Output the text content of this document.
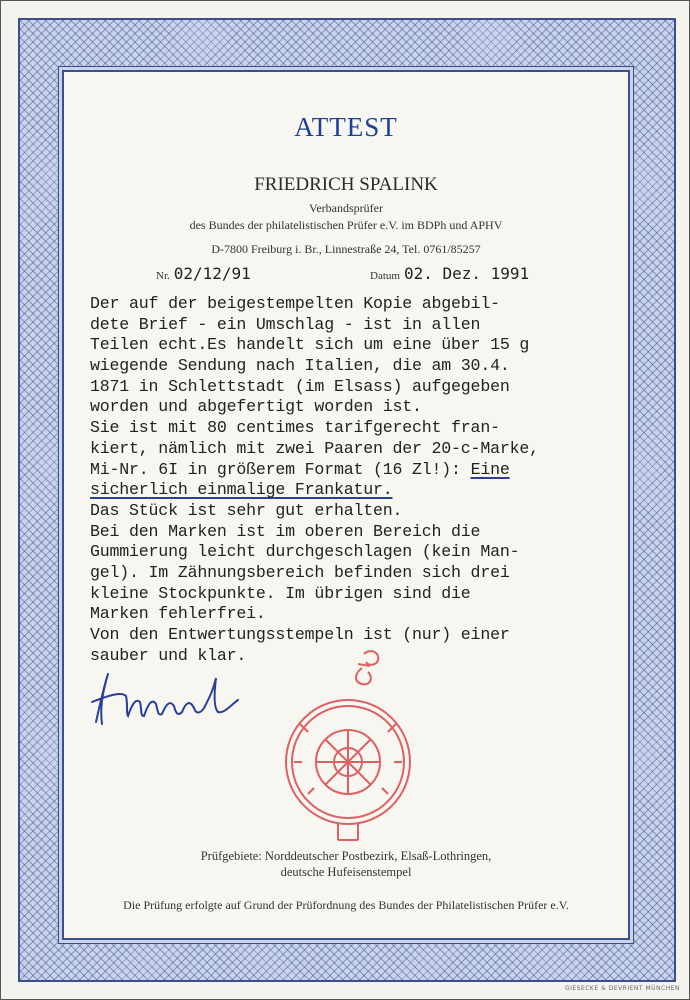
ATTEST
FRIEDRICH SPALINK
Verbandsprüfer
des Bundes der philatelistischen Prüfer e.V. im BDPh und APHV
D-7800 Freiburg i. Br., Linnestraße 24, Tel. 0761/85257
Nr. 02/12/91	Datum 02. Dez. 1991
Der auf der beigestempelten Kopie abgebil-
dete Brief - ein Umschlag - ist in allen
Teilen echt.Es handelt sich um eine über 15 g
wiegende Sendung nach Italien, die am 30.4.
1871 in Schlettstadt (im Elsass) aufgegeben
worden und abgefertigt worden ist.
Sie ist mit 80 centimes tarifgerecht fran-
kiert, nämlich mit zwei Paaren der 20-c-Marke,
Mi-Nr. 6I in größerem Format (16 Zl!): Eine
sicherlich einmalige Frankatur.
Das Stück ist sehr gut erhalten.
Bei den Marken ist im oberen Bereich die
Gummierung leicht durchgeschlagen (kein Man-
gel). Im Zähnungsbereich befinden sich drei
kleine Stockpunkte. Im übrigen sind die
Marken fehlerfrei.
Von den Entwertungsstempeln ist (nur) einer
sauber und klar.
Prüfgebiete: Norddeutscher Postbezirk, Elsaß-Lothringen,
deutsche Hufeisenstempel
Die Prüfung erfolgte auf Grund der Prüfordnung des Bundes der Philatelistischen Prüfer e.V.
GIESECKE & DEVRIENT MÜNCHEN
